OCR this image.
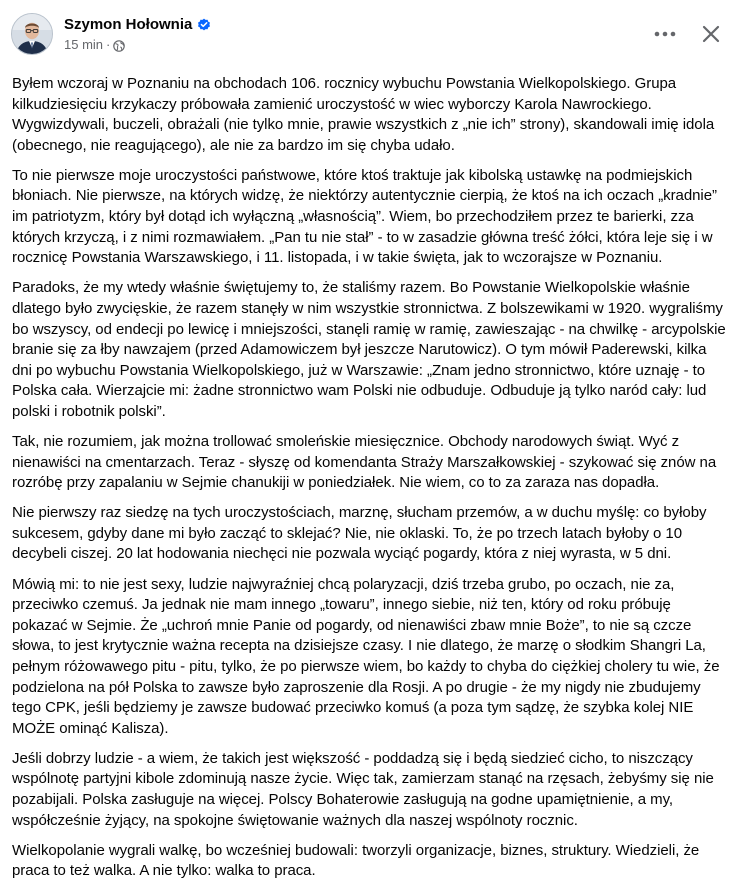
Szymon Hołownia
15 min ·

Byłem wczoraj w Poznaniu na obchodach 106. rocznicy wybuchu Powstania Wielkopolskiego. Grupa kilkudziesięciu krzykaczy próbowała zamienić uroczystość w wiec wyborczy Karola Nawrockiego. Wygwizdywali, buczeli, obrażali (nie tylko mnie, prawie wszystkich z „nie ich” strony), skandowali imię idola (obecnego, nie reagującego), ale nie za bardzo im się chyba udało.

To nie pierwsze moje uroczystości państwowe, które ktoś traktuje jak kibolską ustawkę na podmiejskich błoniach. Nie pierwsze, na których widzę, że niektórzy autentycznie cierpią, że ktoś na ich oczach „kradnie” im patriotyzm, który był dotąd ich wyłączną „własnością”. Wiem, bo przechodziłem przez te barierki, zza których krzyczą, i z nimi rozmawiałem. „Pan tu nie stał” - to w zasadzie główna treść żółci, która leje się i w rocznicę Powstania Warszawskiego, i 11. listopada, i w takie święta, jak to wczorajsze w Poznaniu.

Paradoks, że my wtedy właśnie świętujemy to, że staliśmy razem. Bo Powstanie Wielkopolskie właśnie dlatego było zwycięskie, że razem stanęły w nim wszystkie stronnictwa. Z bolszewikami w 1920. wygraliśmy bo wszyscy, od endecji po lewicę i mniejszości, stanęli ramię w ramię, zawieszając - na chwilkę - arcypolskie branie się za łby nawzajem (przed Adamowiczem był jeszcze Narutowicz). O tym mówił Paderewski, kilka dni po wybuchu Powstania Wielkopolskiego, już w Warszawie: „Znam jedno stronnictwo, które uznaję - to Polska cała. Wierzajcie mi: żadne stronnictwo wam Polski nie odbuduje. Odbuduje ją tylko naród cały: lud polski i robotnik polski”.

Tak, nie rozumiem, jak można trollować smoleńskie miesięcznice. Obchody narodowych świąt. Wyć z nienawiści na cmentarzach. Teraz - słyszę od komendanta Straży Marszałkowskiej - szykować się znów na rozróbę przy zapalaniu w Sejmie chanukiji w poniedziałek. Nie wiem, co to za zaraza nas dopadła.

Nie pierwszy raz siedzę na tych uroczystościach, marznę, słucham przemów, a w duchu myślę: co byłoby sukcesem, gdyby dane mi było zacząć to sklejać? Nie, nie oklaski. To, że po trzech latach byłoby o 10 decybeli ciszej. 20 lat hodowania niechęci nie pozwala wyciąć pogardy, która z niej wyrasta, w 5 dni.

Mówią mi: to nie jest sexy, ludzie najwyraźniej chcą polaryzacji, dziś trzeba grubo, po oczach, nie za, przeciwko czemuś. Ja jednak nie mam innego „towaru”, innego siebie, niż ten, który od roku próbuję pokazać w Sejmie. Że „uchroń mnie Panie od pogardy, od nienawiści zbaw mnie Boże”, to nie są czcze słowa, to jest krytycznie ważna recepta na dzisiejsze czasy. I nie dlatego, że marzę o słodkim Shangri La, pełnym różowawego pitu - pitu, tylko, że po pierwsze wiem, bo każdy to chyba do ciężkiej cholery tu wie, że podzielona na pół Polska to zawsze było zaproszenie dla Rosji. A po drugie - że my nigdy nie zbudujemy tego CPK, jeśli będziemy je zawsze budować przeciwko komuś (a poza tym sądzę, że szybka kolej NIE MOŻE ominąć Kalisza).

Jeśli dobrzy ludzie - a wiem, że takich jest większość - poddadzą się i będą siedzieć cicho, to niszczący wspólnotę partyjni kibole zdominują nasze życie. Więc tak, zamierzam stanąć na rzęsach, żebyśmy się nie pozabijali. Polska zasługuje na więcej. Polscy Bohaterowie zasługują na godne upamiętnienie, a my, współcześnie żyjący, na spokojne świętowanie ważnych dla naszej wspólnoty rocznic.

Wielkopolanie wygrali walkę, bo wcześniej budowali: tworzyli organizacje, biznes, struktury. Wiedzieli, że praca to też walka. A nie tylko: walka to praca.
